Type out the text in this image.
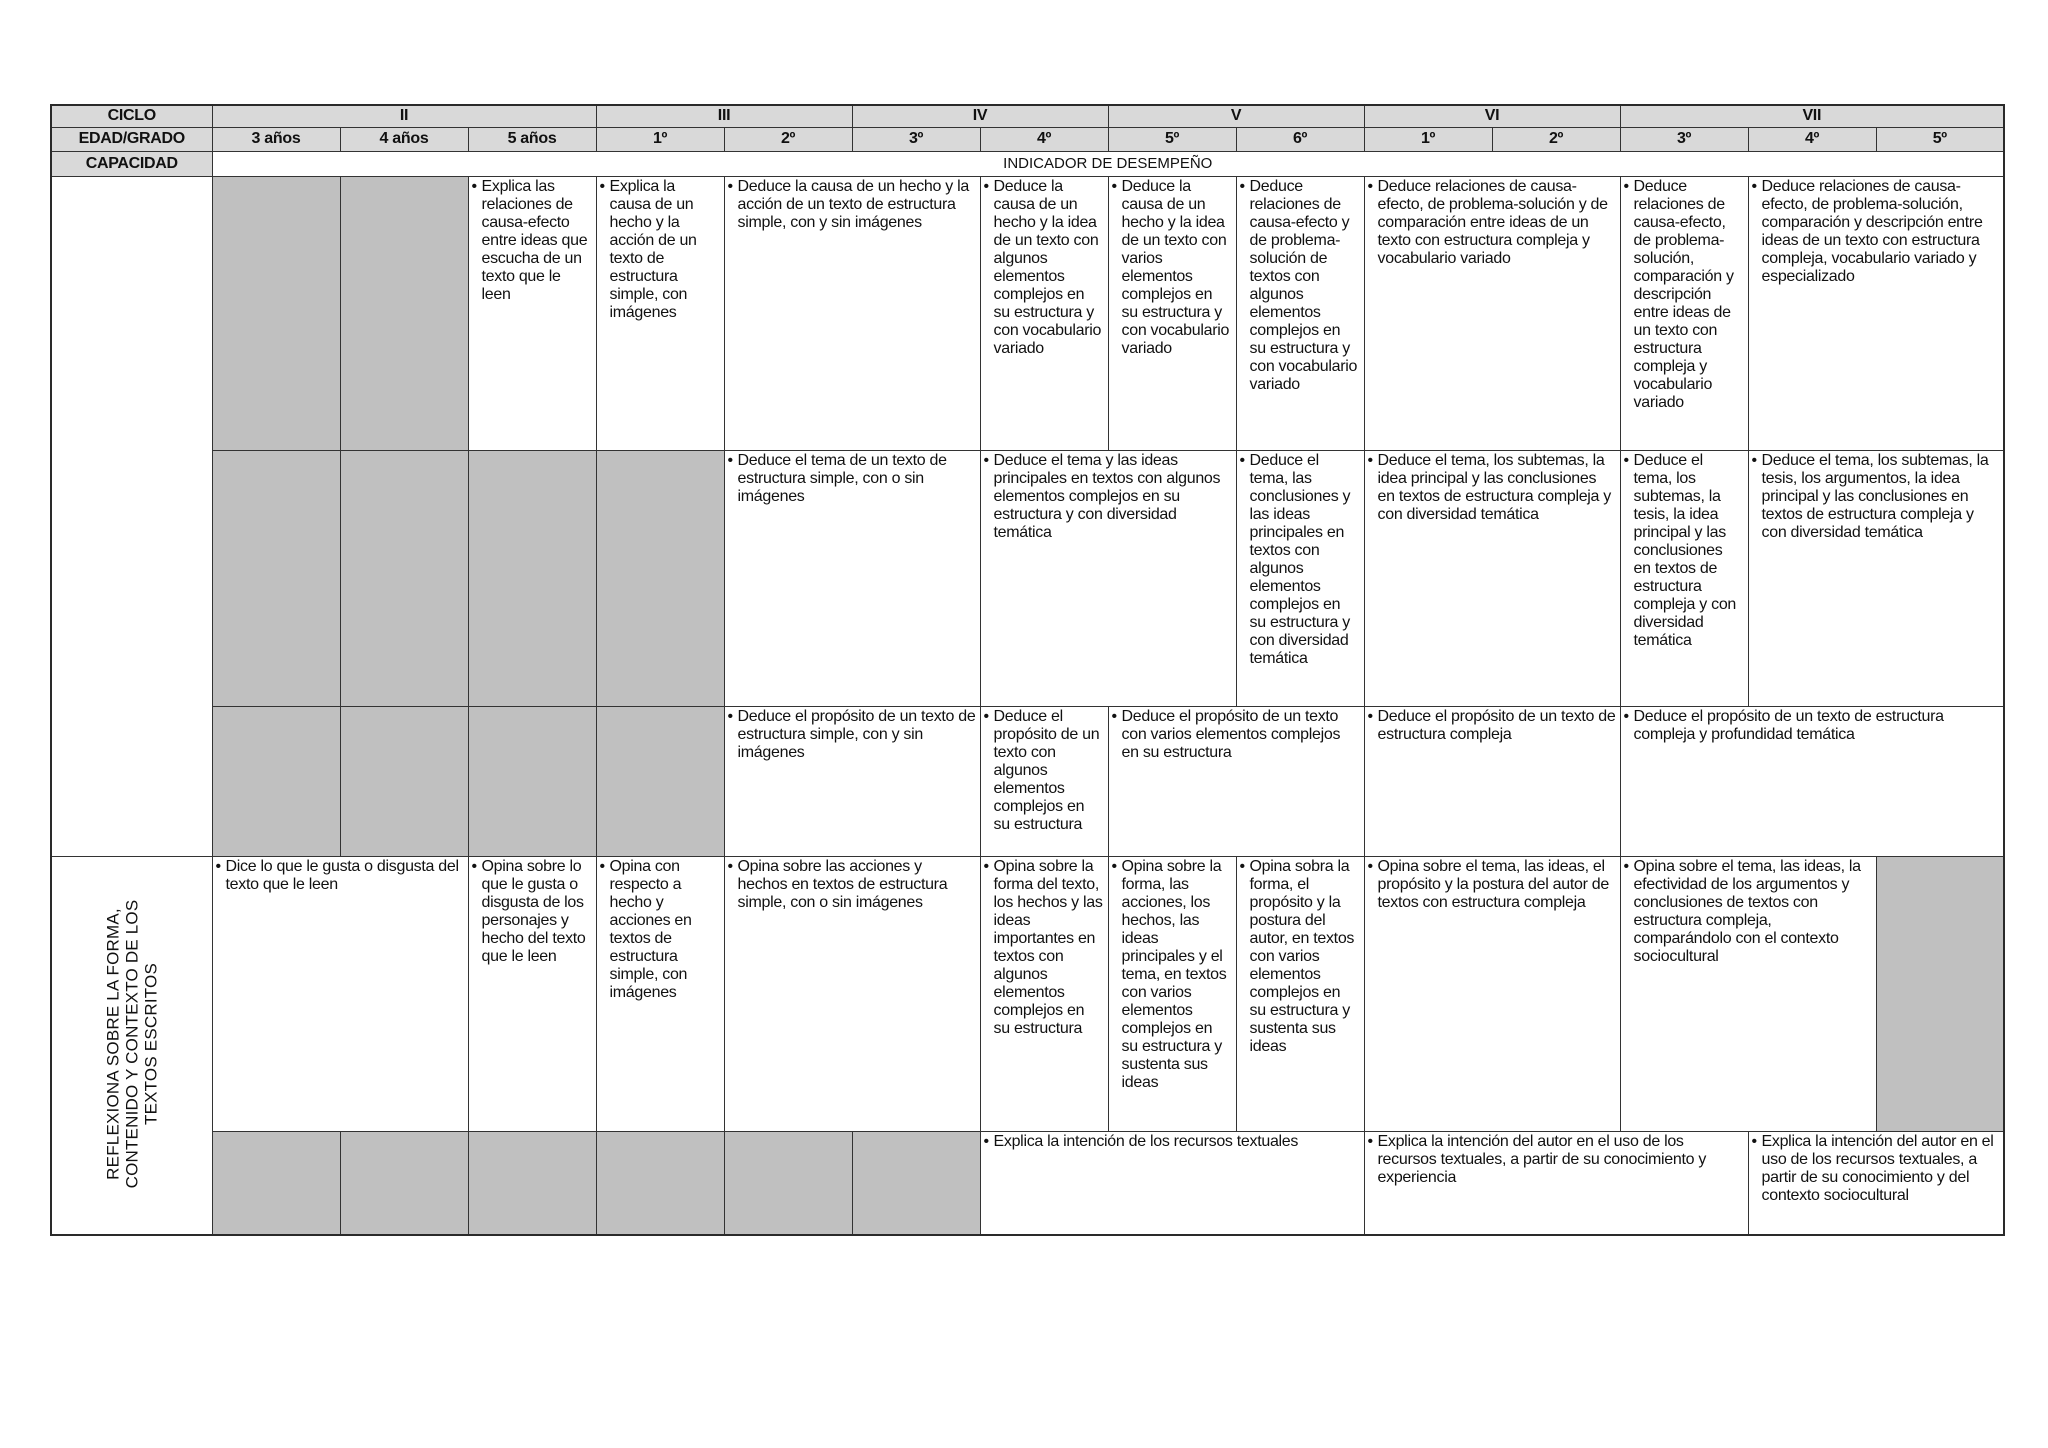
CICLO	II			III		IV		V		VI		VII		
EDAD/GRADO	3 años	4 años	5 años	1º	2º	3º	4º	5º	6º	1º	2º	3º	4º	5º
CAPACIDAD	INDICADOR DE DESEMPEÑO													

			• Explica las relaciones de causa-efecto entre ideas que escucha de un texto que le leen	• Explica la causa de un hecho y la acción de un texto de estructura simple, con imágenes	• Deduce la causa de un hecho y la acción de un texto de estructura simple, con y sin imágenes		• Deduce la causa de un hecho y la idea de un texto con algunos elementos complejos en su estructura y con vocabulario variado	• Deduce la causa de un hecho y la idea de un texto con varios elementos complejos en su estructura y con vocabulario variado	• Deduce relaciones de causa-efecto y de problema-solución de textos con algunos elementos complejos en su estructura y con vocabulario variado	• Deduce relaciones de causa-efecto, de problema-solución y de comparación entre ideas de un texto con estructura compleja y vocabulario variado		• Deduce relaciones de causa-efecto, de problema-solución, comparación y descripción entre ideas de un texto con estructura compleja y vocabulario variado	• Deduce relaciones de causa-efecto, de problema-solución, comparación y descripción entre ideas de un texto con estructura compleja, vocabulario variado y especializado

					• Deduce el tema de un texto de estructura simple, con o sin imágenes		• Deduce el tema y las ideas principales en textos con algunos elementos complejos en su estructura y con diversidad temática		• Deduce el tema, las conclusiones y las ideas principales en textos con algunos elementos complejos en su estructura y con diversidad temática	• Deduce el tema, los subtemas, la idea principal y las conclusiones en textos de estructura compleja y con diversidad temática		• Deduce el tema, los subtemas, la tesis, la idea principal y las conclusiones en textos de estructura compleja y con diversidad temática	• Deduce el tema, los subtemas, la tesis, los argumentos, la idea principal y las conclusiones en textos de estructura compleja y con diversidad temática

					• Deduce el propósito de un texto de estructura simple, con y sin imágenes		• Deduce el propósito de un texto con algunos elementos complejos en su estructura	• Deduce el propósito de un texto con varios elementos complejos en su estructura		• Deduce el propósito de un texto de estructura compleja		• Deduce el propósito de un texto de estructura compleja y profundidad temática

REFLEXIONA SOBRE LA FORMA, CONTENIDO Y CONTEXTO DE LOS TEXTOS ESCRITOS	• Dice lo que le gusta o disgusta del texto que le leen		• Opina sobre lo que le gusta o disgusta de los personajes y hecho del texto que le leen	• Opina con respecto a hecho y acciones en textos de estructura simple, con imágenes	• Opina sobre las acciones y hechos en textos de estructura simple, con o sin imágenes		• Opina sobre la forma del texto, los hechos y las ideas importantes en textos con algunos elementos complejos en su estructura	• Opina sobre la forma, las acciones, los hechos, las ideas principales y el tema, en textos con varios elementos complejos en su estructura y sustenta sus ideas	• Opina sobra la forma, el propósito y la postura del autor, en textos con varios elementos complejos en su estructura y sustenta sus ideas	• Opina sobre el tema, las ideas, el propósito y la postura del autor de textos con estructura compleja		• Opina sobre el tema, las ideas, la efectividad de los argumentos y conclusiones de textos con estructura compleja, comparándolo con el contexto sociocultural

							• Explica la intención de los recursos textuales			• Explica la intención del autor en el uso de los recursos textuales, a partir de su conocimiento y experiencia			• Explica la intención del autor en el uso de los recursos textuales, a partir de su conocimiento y del contexto sociocultural
